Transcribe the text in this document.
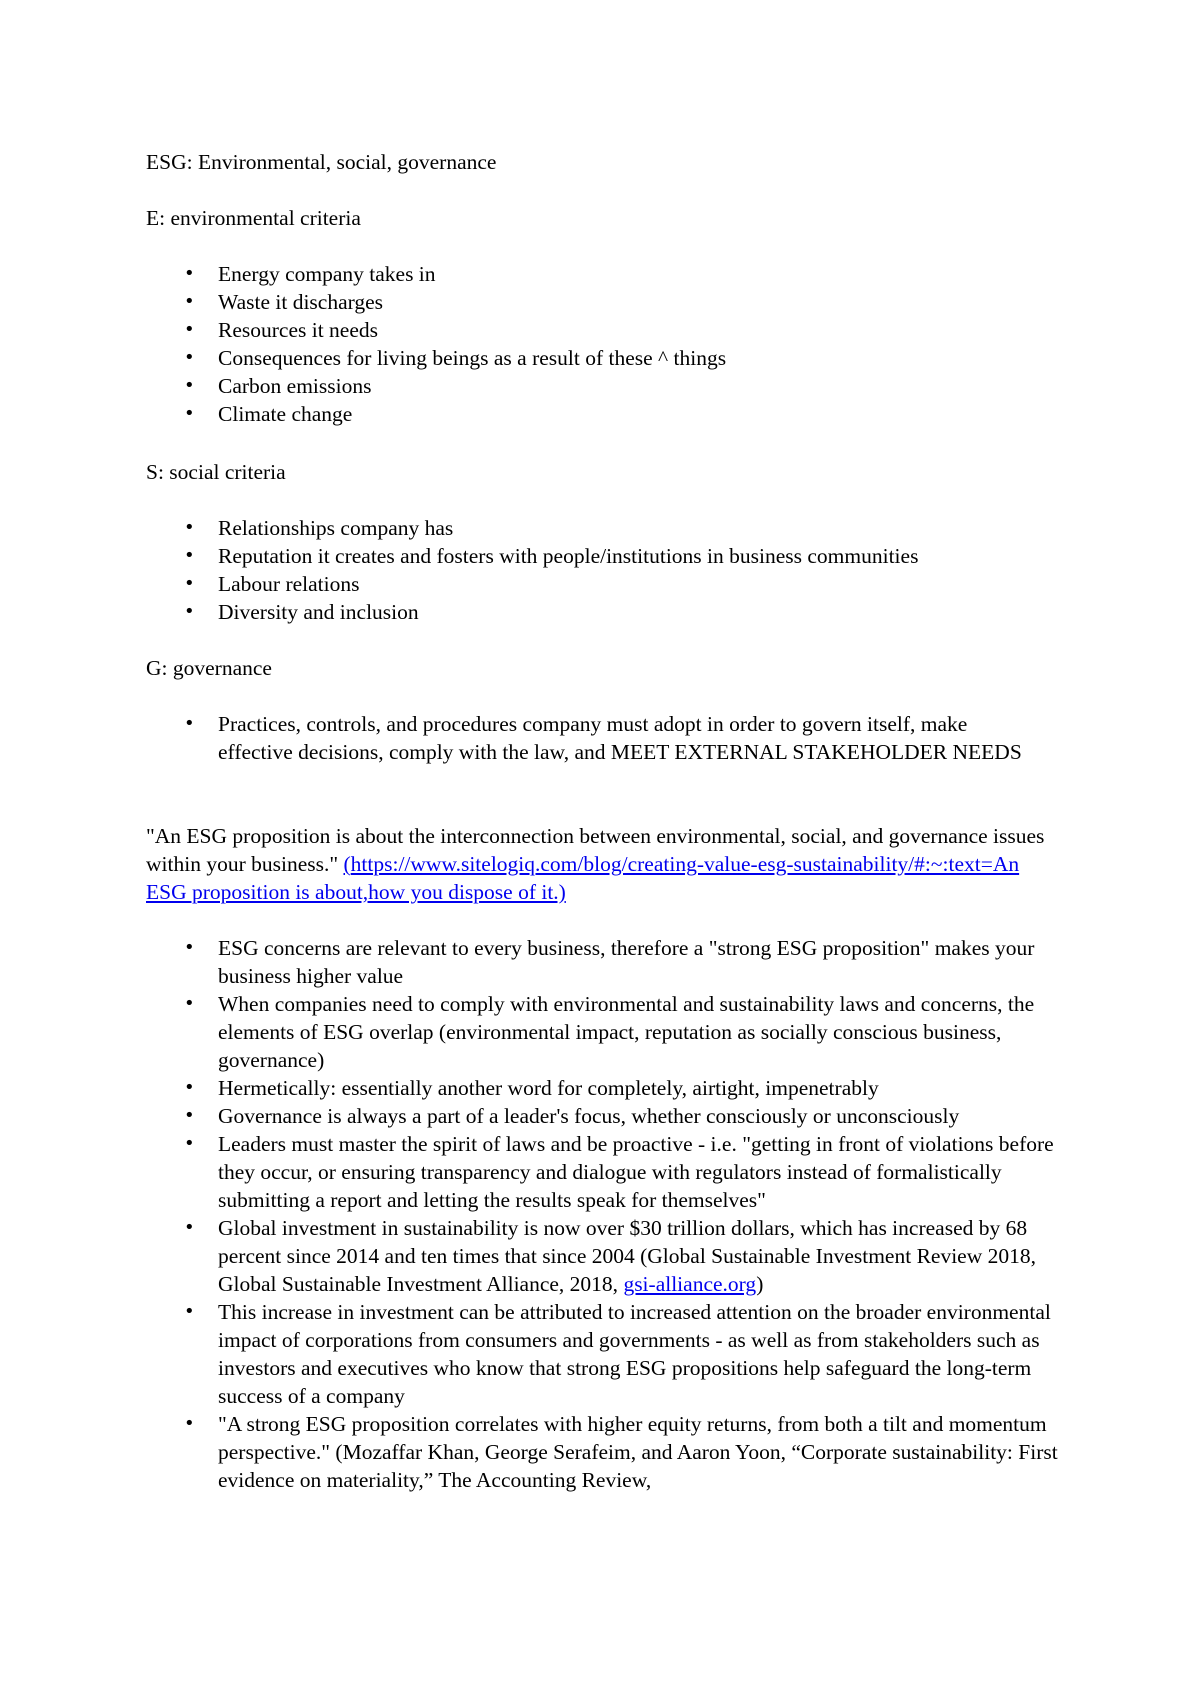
ESG: Environmental, social, governance

E: environmental criteria

• Energy company takes in
• Waste it discharges
• Resources it needs
• Consequences for living beings as a result of these ^ things
• Carbon emissions
• Climate change

S: social criteria

• Relationships company has
• Reputation it creates and fosters with people/institutions in business communities
• Labour relations
• Diversity and inclusion

G: governance

• Practices, controls, and procedures company must adopt in order to govern itself, make effective decisions, comply with the law, and MEET EXTERNAL STAKEHOLDER NEEDS

"An ESG proposition is about the interconnection between environmental, social, and governance issues within your business." (https://www.sitelogiq.com/blog/creating-value-esg-sustainability/#:~:text=An ESG proposition is about,how you dispose of it.)

• ESG concerns are relevant to every business, therefore a "strong ESG proposition" makes your business higher value
• When companies need to comply with environmental and sustainability laws and concerns, the elements of ESG overlap (environmental impact, reputation as socially conscious business, governance)
• Hermetically: essentially another word for completely, airtight, impenetrably
• Governance is always a part of a leader's focus, whether consciously or unconsciously
• Leaders must master the spirit of laws and be proactive - i.e. "getting in front of violations before they occur, or ensuring transparency and dialogue with regulators instead of formalistically submitting a report and letting the results speak for themselves"
• Global investment in sustainability is now over $30 trillion dollars, which has increased by 68 percent since 2014 and ten times that since 2004 (Global Sustainable Investment Review 2018, Global Sustainable Investment Alliance, 2018, gsi-alliance.org)
• This increase in investment can be attributed to increased attention on the broader environmental impact of corporations from consumers and governments - as well as from stakeholders such as investors and executives who know that strong ESG propositions help safeguard the long-term success of a company
• "A strong ESG proposition correlates with higher equity returns, from both a tilt and momentum perspective." (Mozaffar Khan, George Serafeim, and Aaron Yoon, “Corporate sustainability: First evidence on materiality,” The Accounting Review,
